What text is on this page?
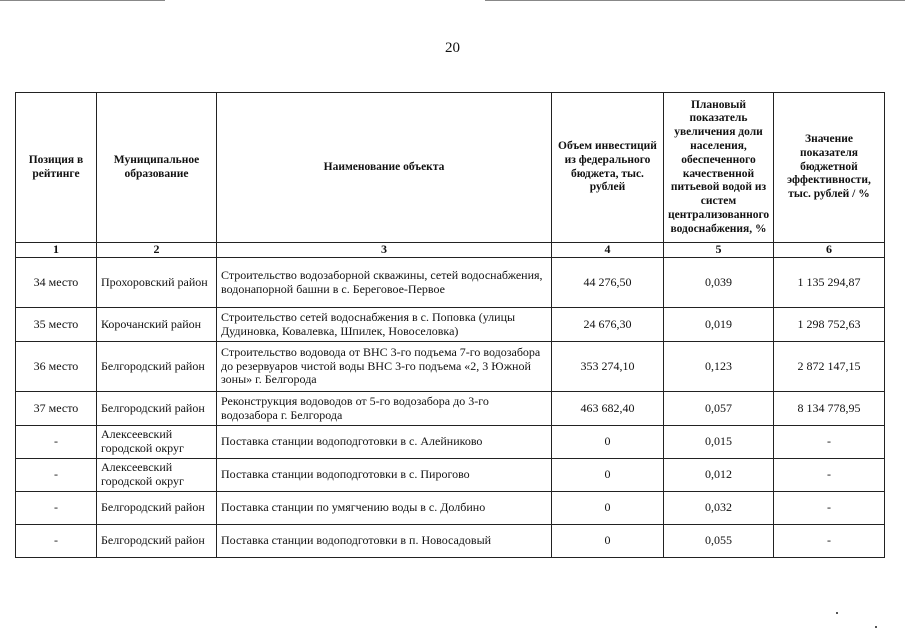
20
Позиция в рейтинге	Муниципальное образование	Наименование объекта	Объем инвестиций из федерального бюджета, тыс. рублей	Плановый показатель увеличения доли населения, обеспеченного качественной питьевой водой из систем централизованного водоснабжения, %	Значение показателя бюджетной эффективности, тыс. рублей / %
1	2	3	4	5	6
34 место	Прохоровский район	Строительство водозаборной скважины, сетей водоснабжения, водонапорной башни в с. Береговое-Первое	44 276,50	0,039	1 135 294,87
35 место	Корочанский район	Строительство сетей водоснабжения в с. Поповка (улицы Дудиновка, Ковалевка, Шпилек, Новоселовка)	24 676,30	0,019	1 298 752,63
36 место	Белгородский район	Строительство водовода от ВНС 3-го подъема 7-го водозабора до резервуаров чистой воды ВНС 3-го подъема «2, 3 Южной зоны» г. Белгорода	353 274,10	0,123	2 872 147,15
37 место	Белгородский район	Реконструкция водоводов от 5-го водозабора до 3-го водозабора г. Белгорода	463 682,40	0,057	8 134 778,95
-	Алексеевский городской округ	Поставка станции водоподготовки в с. Алейниково	0	0,015	-
-	Алексеевский городской округ	Поставка станции водоподготовки в с. Пирогово	0	0,012	-
-	Белгородский район	Поставка станции по умягчению воды в с. Долбино	0	0,032	-
-	Белгородский район	Поставка станции водоподготовки в п. Новосадовый	0	0,055	-
